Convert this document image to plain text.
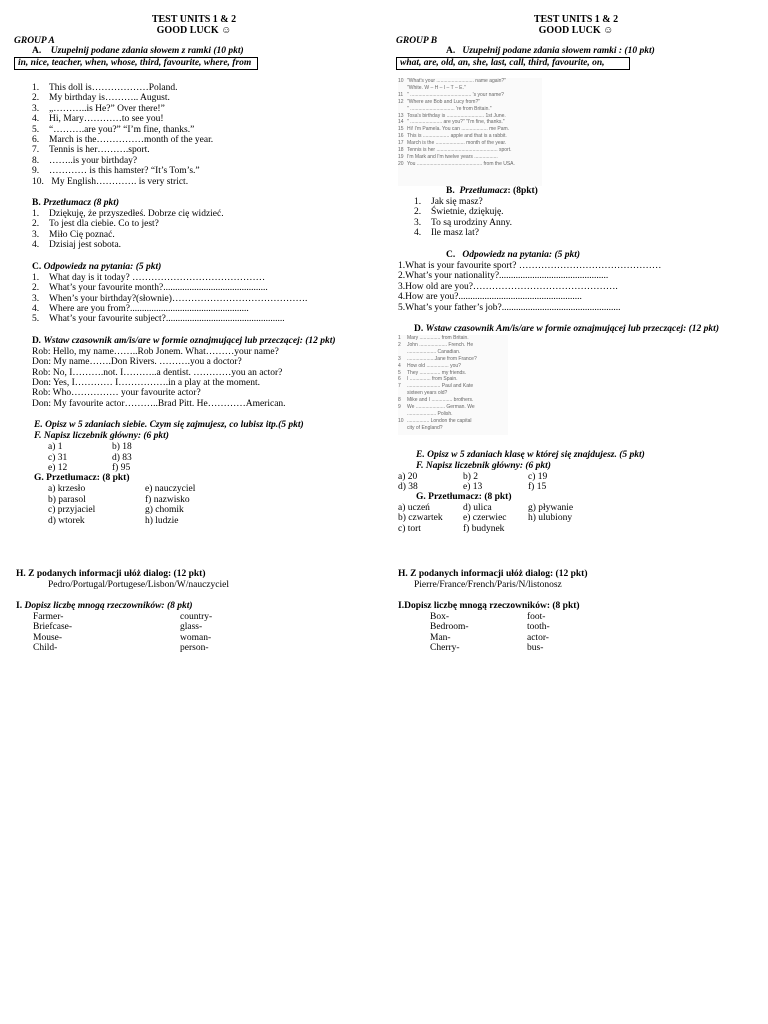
TEST UNITS 1 & 2
GOOD LUCK ☺
GROUP A
A. Uzupełnij podane zdania słowem z ramki (10 pkt)
in, nice, teacher, when, whose, third, favourite, where, from
1. This doll is………………Poland.
2. My birthday is……….. August.
3. „………..is He?” Over there!”
4. Hi, Mary…………to see you!
5. “……….are you?” “I’m fine, thanks.”
6. March is the……………month of the year.
7. Tennis is her……….sport.
8. ……..is your birthday?
9. ………… is this hamster? “It’s Tom’s.”
10. My English…………. is very strict.
B. Przetłumacz (8 pkt)
1. Dziękuję, że przyszedłeś. Dobrze cię widzieć.
2. To jest dla ciebie. Co to jest?
3. Miło Cię poznać.
4. Dzisiaj jest sobota.
C. Odpowiedz na pytania: (5 pkt)
1. What day is it today? ……………………………………
2. What’s your favourite month?............................................
3. When’s your birthday?(słownie)…………………………………….
4. Where are you from?..................................................
5. What’s your favourite subject?..................................................
D. Wstaw czasownik am/is/are w formie oznajmującej lub przeczącej: (12 pkt)
Rob: Hello, my name……..Rob Jonem. What………your name?
Don: My name…….Don Rivers. ……….you a doctor?
Rob: No, I……….not. I………..a dentist. …………you an actor?
Don: Yes, I………… I…………….in a play at the moment.
Rob: Who…………… your favourite actor?
Don: My favourite actor………..Brad Pitt. He…………American.
E. Opisz w 5 zdaniach siebie. Czym się zajmujesz, co lubisz itp.(5 pkt)
F. Napisz liczebnik główny: (6 pkt)
a) 1	b) 18
c) 31	d) 83
e) 12	f) 95
G. Przetłumacz: (8 pkt)
a) krzesło	e) nauczyciel
b) parasol	f) nazwisko
c) przyjaciel	g) chomik
d) wtorek	h) ludzie
H. Z podanych informacji ułóż dialog: (12 pkt)
Pedro/Portugal/Portugese/Lisbon/W/nauczyciel
I. Dopisz liczbę mnogą rzeczowników: (8 pkt)
Farmer-	country-
Briefcase-	glass-
Mouse-	woman-
Child-	person-
TEST UNITS 1 & 2
GOOD LUCK ☺
GROUP B
A. Uzupełnij podane zdania słowem ramki : (10 pkt)
what, are, old, an, she, last, call, third, favourite, on,
10 "What's your ........................... name again?"
"White. W – H – I – T – E."
11 " ............................................ 's your name?
12 "Where are Bob and Lucy from?"
" ................................ 're from Britain."
13 Tosa's birthday is ........................... 1st June.
14 " ....................... are you?" "I'm fine, thanks."
15 Hi! I'm Pamela. You can ................... me Pam.
16 This is ................... apple and that is a rabbit.
17 March is the ..................... month of the year.
18 Tennis is her ............................................ sport.
19 I'm Mark and I'm twelve years .................
20 You ............................................... from the USA.
B. Przetłumacz: (8pkt)
1. Jak się masz?
2. Świetnie, dziękuję.
3. To są urodziny Anny.
4. Ile masz lat?
C. Odpowiedz na pytania: (5 pkt)
1.What is your favourite sport? ………………………………………
2.What’s your nationality?..............................................
3.How old are you?……………………………………….
4.How are you?....................................................
5.What’s your father’s job?..................................................
D. Wstaw czasownik Am/is/are w formie oznajmującej lub przeczącej: (12 pkt)
1 Mary ............... from Britain.
2 John .................... French. He
..................... Canadian.
3 ....................Jane from France?
4 How old ................ you?
5 They ............... my friends.
6 I ............... from Spain.
7 ........................ Paul and Kate
sixteen years old?
8 Mike and I ............... brothers.
9 We ..................... German. We
..................... Polish.
10 ................ London the capital
city of England?
E. Opisz w 5 zdaniach klasę w której się znajdujesz. (5 pkt)
F. Napisz liczebnik główny: (6 pkt)
a) 20	b) 2	c) 19
d) 38	e) 13	f) 15
G. Przetłumacz: (8 pkt)
a) uczeń	d) ulica	g) pływanie
b) czwartek	e) czerwiec	h) ulubiony
c) tort	f) budynek
H. Z podanych informacji ułóż dialog: (12 pkt)
Pierre/France/French/Paris/N/listonosz
I.Dopisz liczbę mnogą rzeczowników: (8 pkt)
Box-	foot-
Bedroom-	tooth-
Man-	actor-
Cherry-	bus-
